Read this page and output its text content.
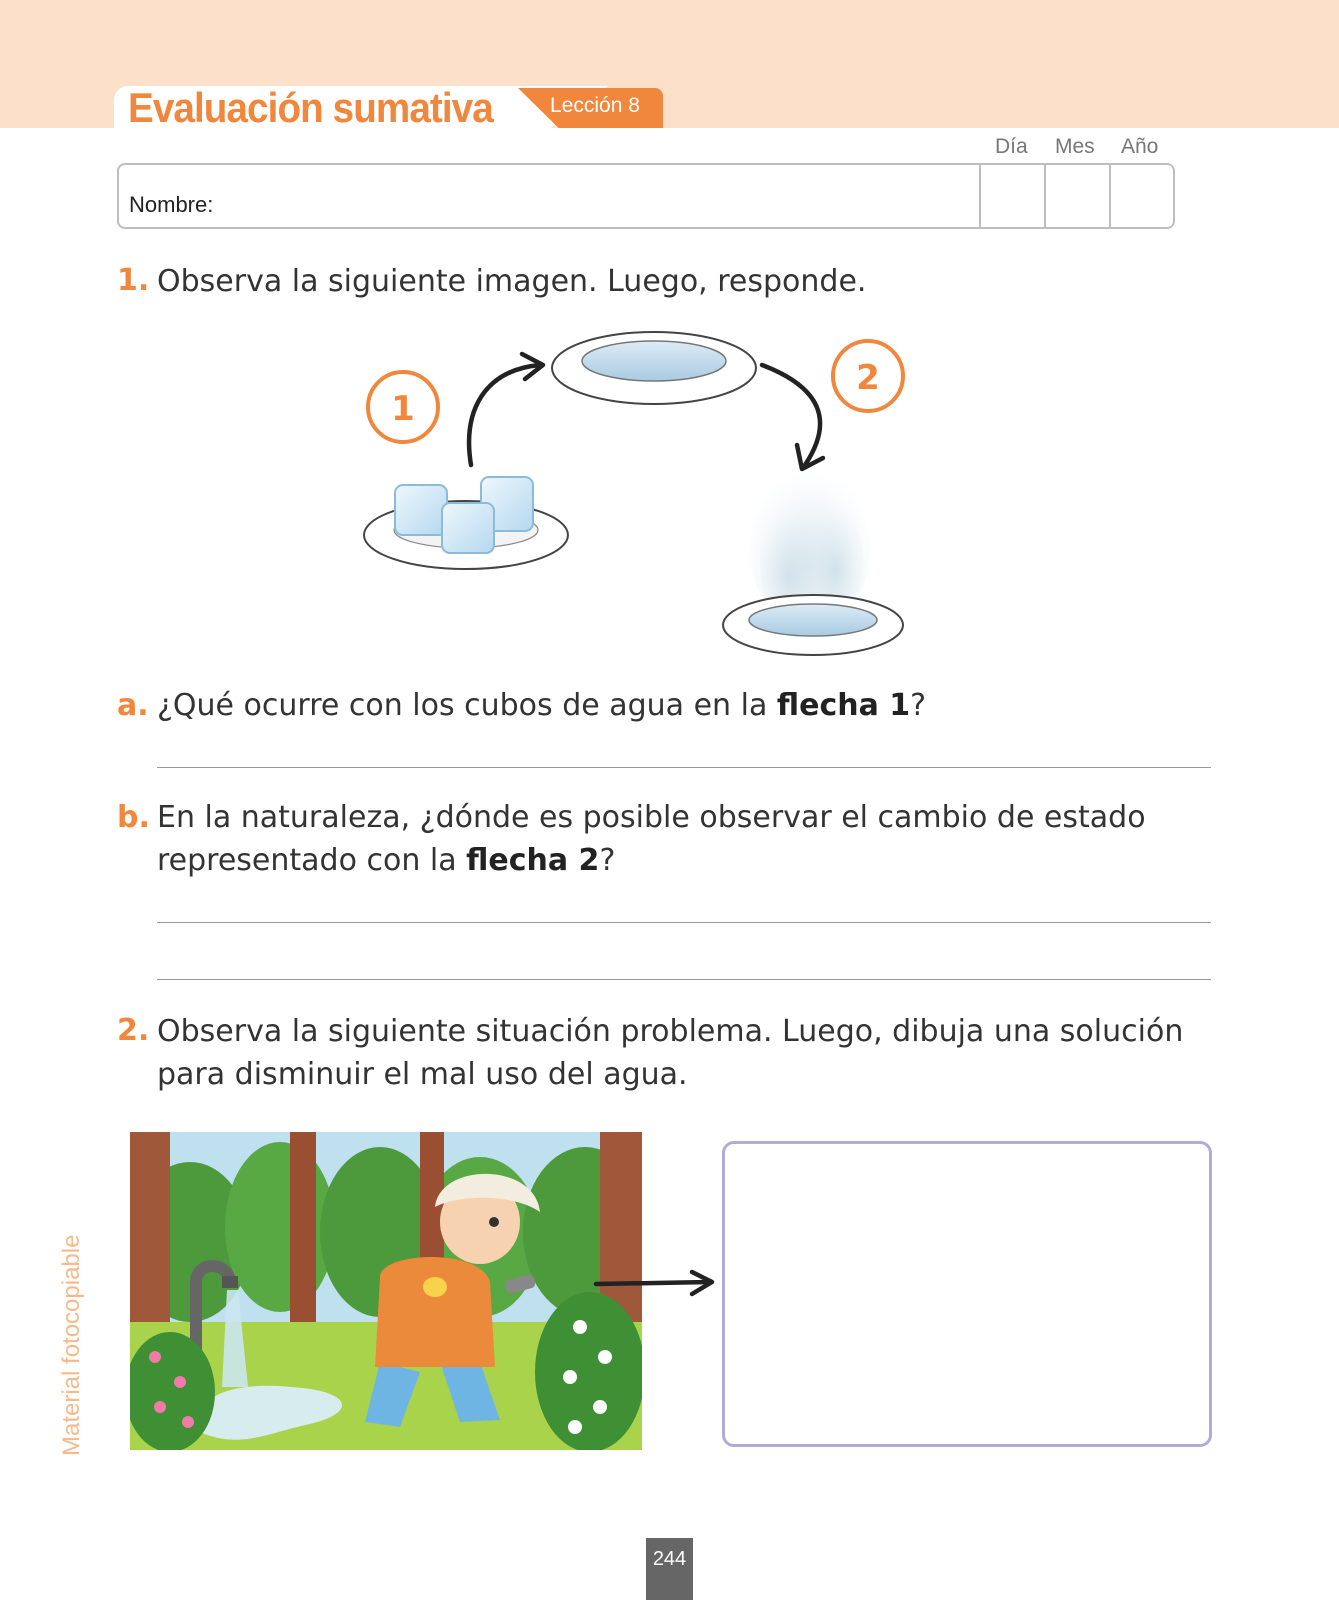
Evaluación sumativa	Lección 8
Día Mes Año
Nombre:
1. Observa la siguiente imagen. Luego, responde.
1
2
a. ¿Qué ocurre con los cubos de agua en la flecha 1?
b. En la naturaleza, ¿dónde es posible observar el cambio de estado
representado con la flecha 2?
2. Observa la siguiente situación problema. Luego, dibuja una solución
para disminuir el mal uso del agua.
Material fotocopiable
244
